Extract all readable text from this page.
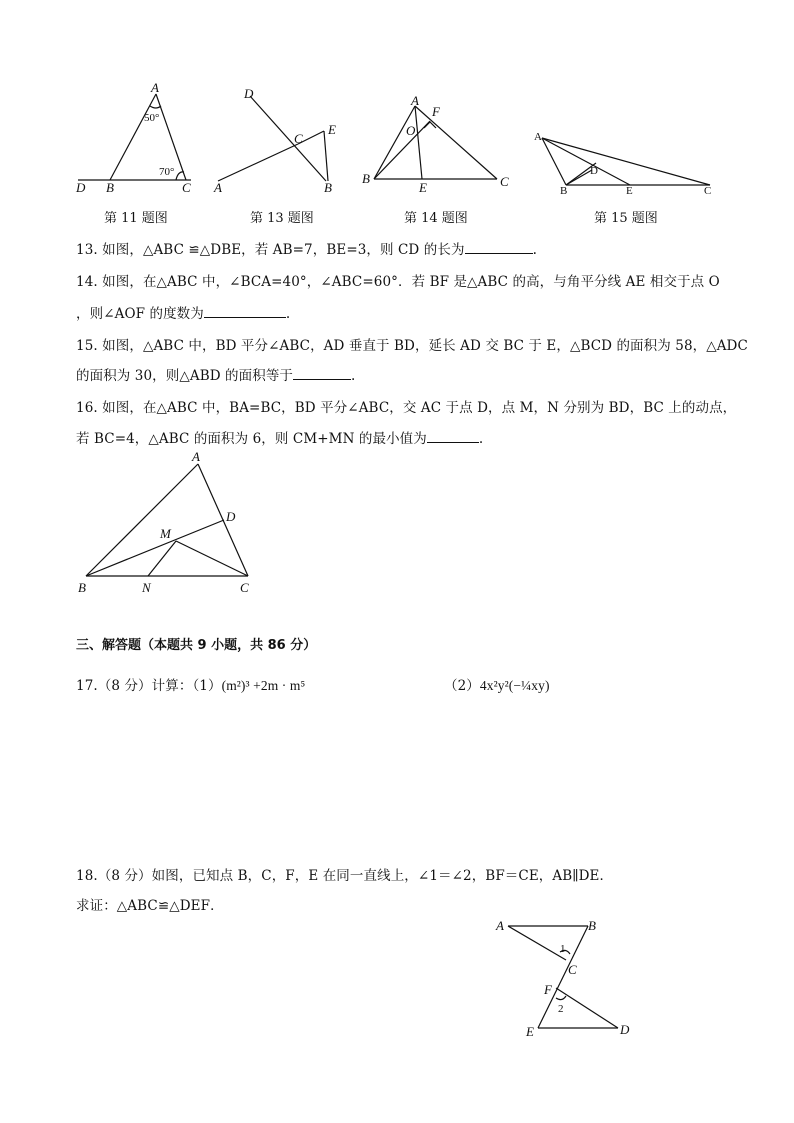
A
50°
70°
D B	C
第 11 题图
D
C
E
A	B
第 13 题图
A
F
O
B
E	C
第 14 题图
A
D
B	E	C
第 15 题图
13. 如图，△ABC ≌△DBE，若 AB=7，BE=3，则 CD 的长为	.
14. 如图，在△ABC 中，∠BCA=40°，∠ABC=60°．若 BF 是△ABC 的高，与角平分线 AE 相交于点 O
，则∠AOF 的度数为	.
15. 如图，△ABC 中，BD 平分∠ABC，AD 垂直于 BD，延长 AD 交 BC 于 E，△BCD 的面积为 58，△ADC
的面积为 30，则△ABD 的面积等于	.
16. 如图，在△ABC 中，BA=BC，BD 平分∠ABC，交 AC 于点 D，点 M，N 分别为 BD，BC 上的动点，
若 BC=4，△ABC 的面积为 6，则 CM+MN 的最小值为	.
A
D
M
B	N	C
三、解答题（本题共 9 小题，共 86 分）
17.（8 分）计算：（1）(m²)³ +2m · m⁵	（2）4x²y²(−¼xy)
18.（8 分）如图，已知点 B，C，F，E 在同一直线上，∠1＝∠2，BF＝CE，AB∥DE．
求证：△ABC≌△DEF．
A	B
1
C
F
2
E	D
